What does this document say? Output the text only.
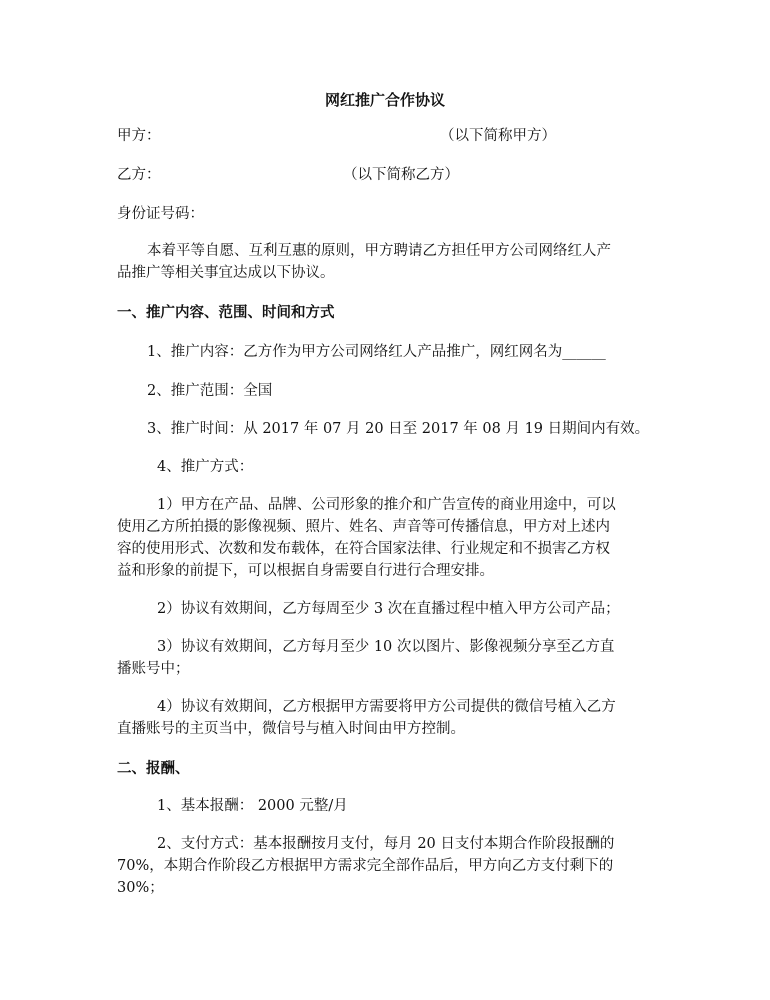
网红推广合作协议
甲方：	（以下简称甲方）
乙方：	（以下简称乙方）
身份证号码：
本着平等自愿、互利互惠的原则，甲方聘请乙方担任甲方公司网络红人产
品推广等相关事宜达成以下协议。
一、推广内容、范围、时间和方式
1、推广内容：乙方作为甲方公司网络红人产品推广，网红网名为______
2、推广范围：全国
3、推广时间：从 2017 年 07 月 20 日至 2017 年 08 月 19 日期间内有效。
4、推广方式：
1）甲方在产品、品牌、公司形象的推介和广告宣传的商业用途中，可以
使用乙方所拍摄的影像视频、照片、姓名、声音等可传播信息，甲方对上述内
容的使用形式、次数和发布载体，在符合国家法律、行业规定和不损害乙方权
益和形象的前提下，可以根据自身需要自行进行合理安排。
2）协议有效期间，乙方每周至少 3 次在直播过程中植入甲方公司产品；
3）协议有效期间，乙方每月至少 10 次以图片、影像视频分享至乙方直
播账号中；
4）协议有效期间，乙方根据甲方需要将甲方公司提供的微信号植入乙方
直播账号的主页当中，微信号与植入时间由甲方控制。
二、报酬、
1、基本报酬： 2000 元整/月
2、支付方式：基本报酬按月支付，每月 20 日支付本期合作阶段报酬的
70%，本期合作阶段乙方根据甲方需求完全部作品后，甲方向乙方支付剩下的
30%；
